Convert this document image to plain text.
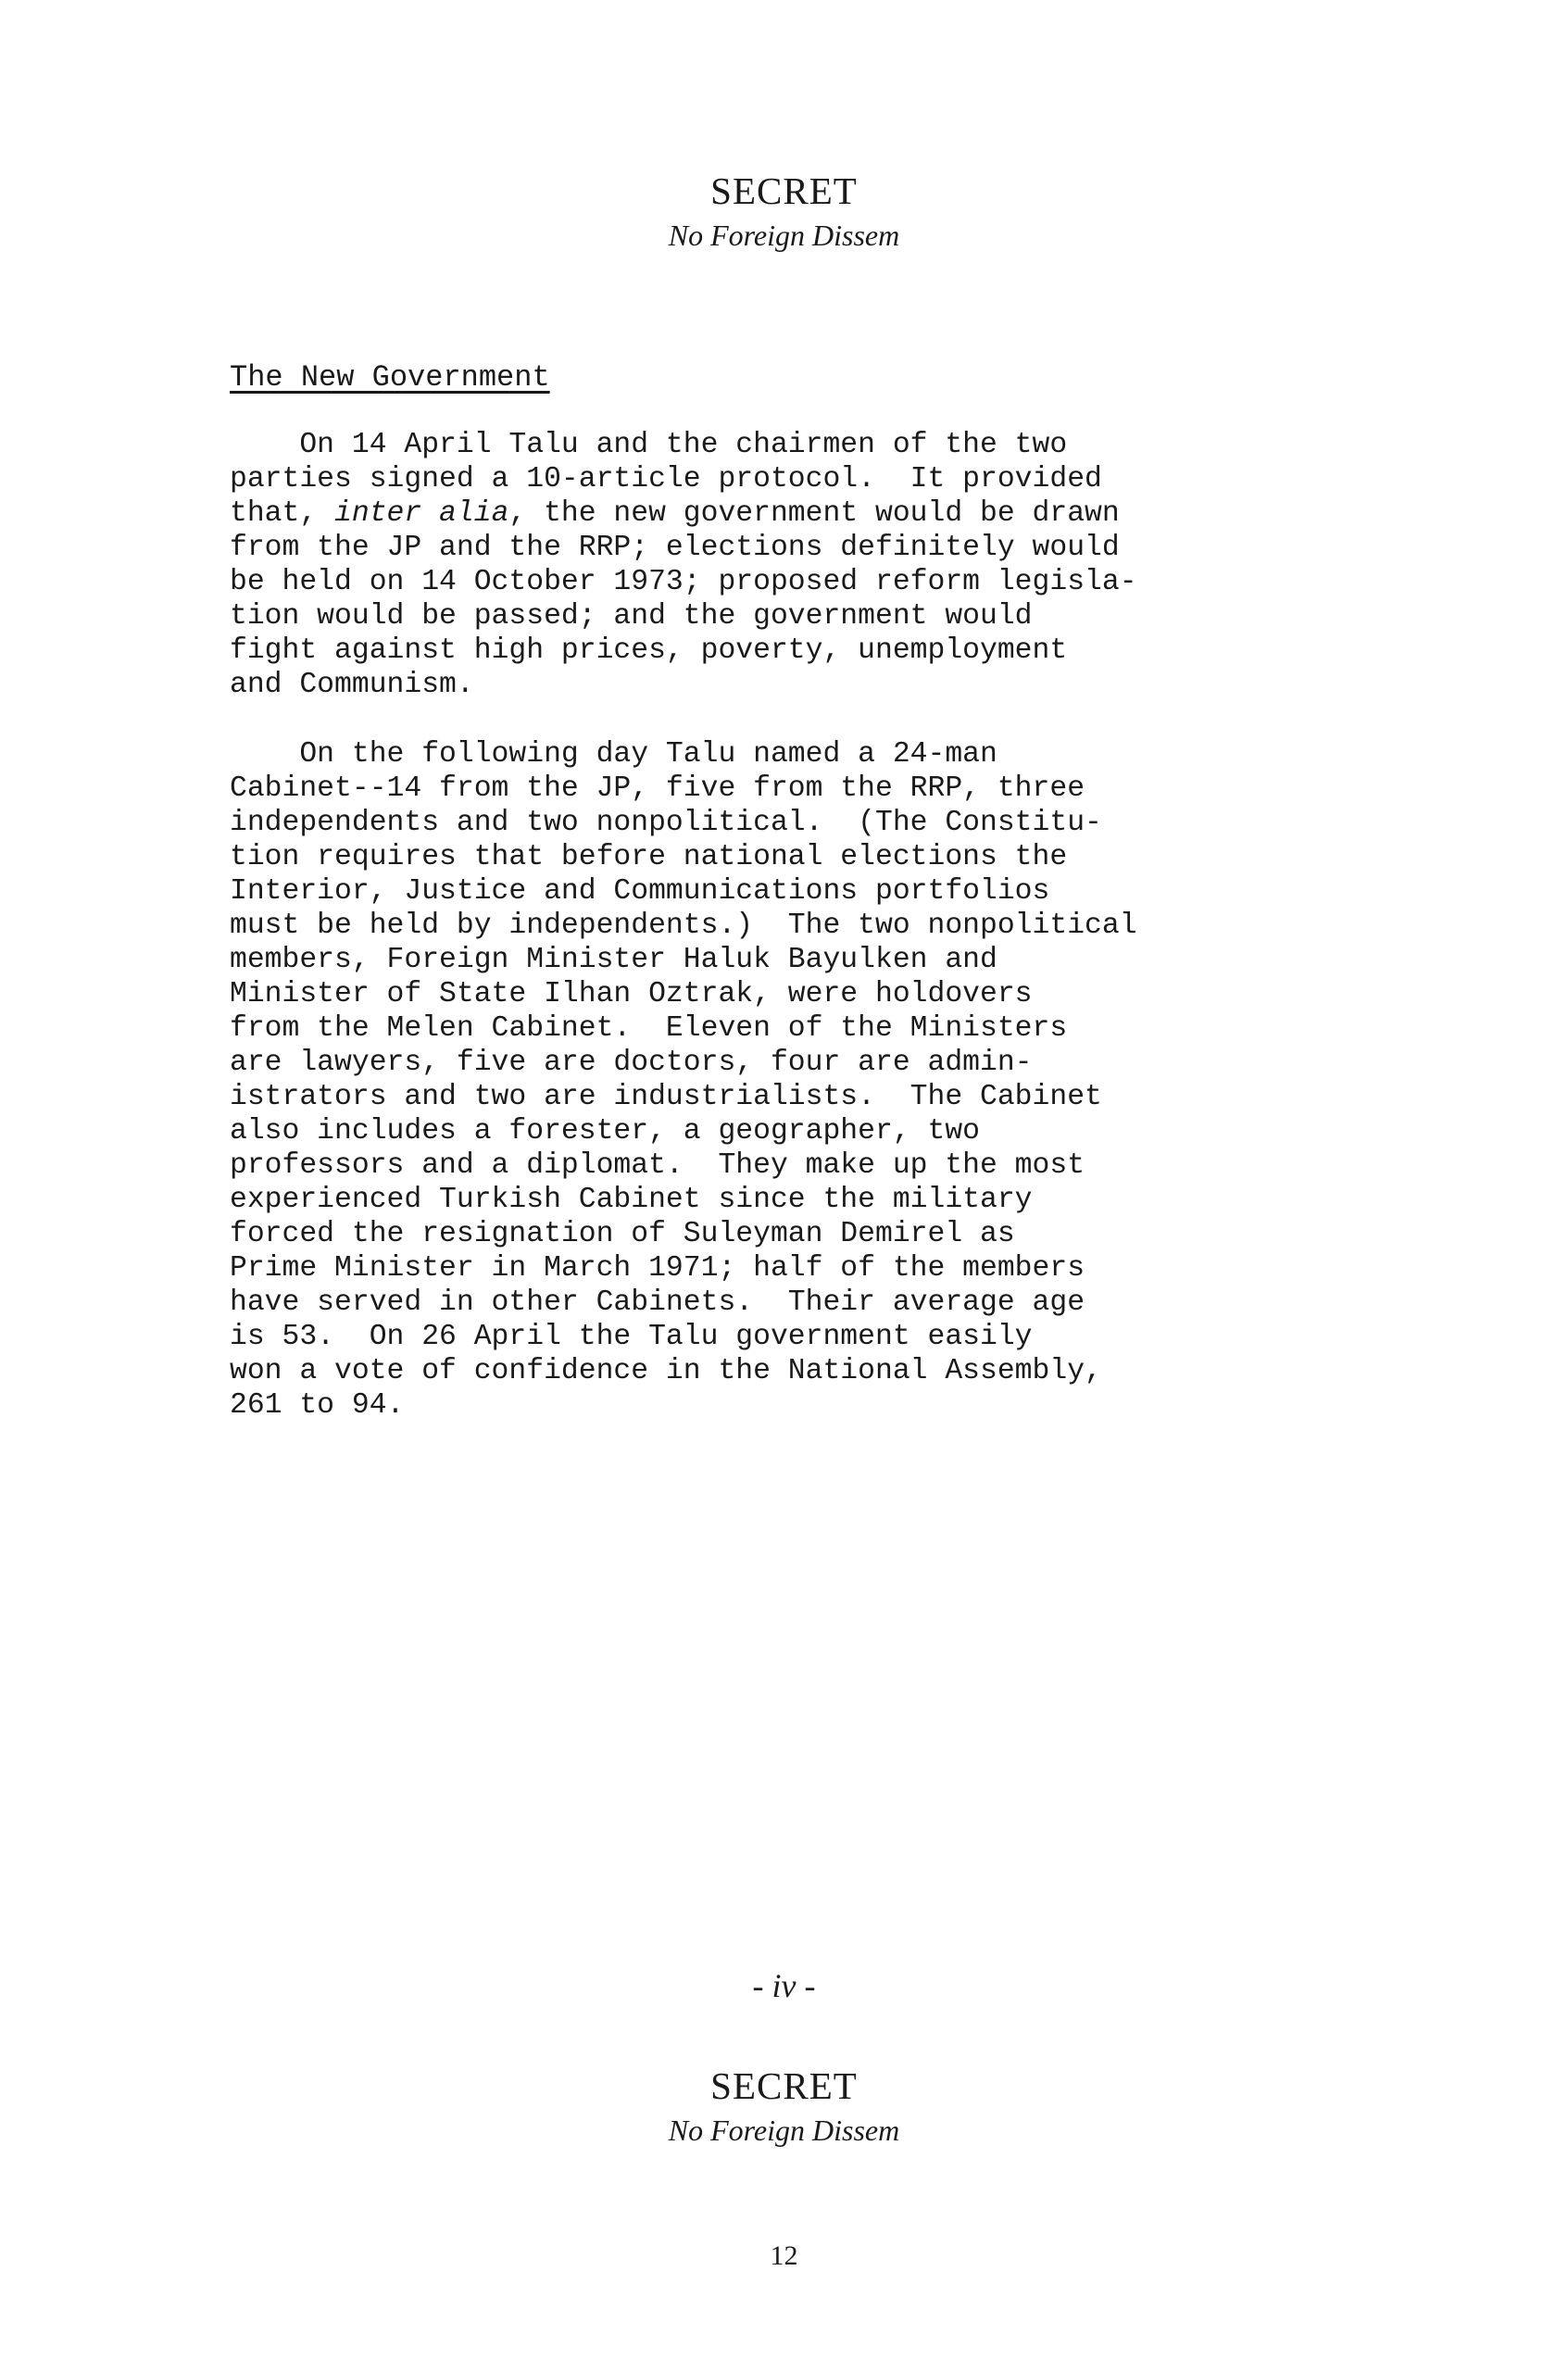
SECRET
No Foreign Dissem
The New Government
On 14 April Talu and the chairmen of the two
parties signed a 10-article protocol.  It provided
that, inter alia, the new government would be drawn
from the JP and the RRP; elections definitely would
be held on 14 October 1973; proposed reform legisla-
tion would be passed; and the government would
fight against high prices, poverty, unemployment
and Communism.
On the following day Talu named a 24-man
Cabinet--14 from the JP, five from the RRP, three
independents and two nonpolitical.  (The Constitu-
tion requires that before national elections the
Interior, Justice and Communications portfolios
must be held by independents.)  The two nonpolitical
members, Foreign Minister Haluk Bayulken and
Minister of State Ilhan Oztrak, were holdovers
from the Melen Cabinet.  Eleven of the Ministers
are lawyers, five are doctors, four are admin-
istrators and two are industrialists.  The Cabinet
also includes a forester, a geographer, two
professors and a diplomat.  They make up the most
experienced Turkish Cabinet since the military
forced the resignation of Suleyman Demirel as
Prime Minister in March 1971; half of the members
have served in other Cabinets.  Their average age
is 53.  On 26 April the Talu government easily
won a vote of confidence in the National Assembly,
261 to 94.
- iv -
SECRET
No Foreign Dissem
12
